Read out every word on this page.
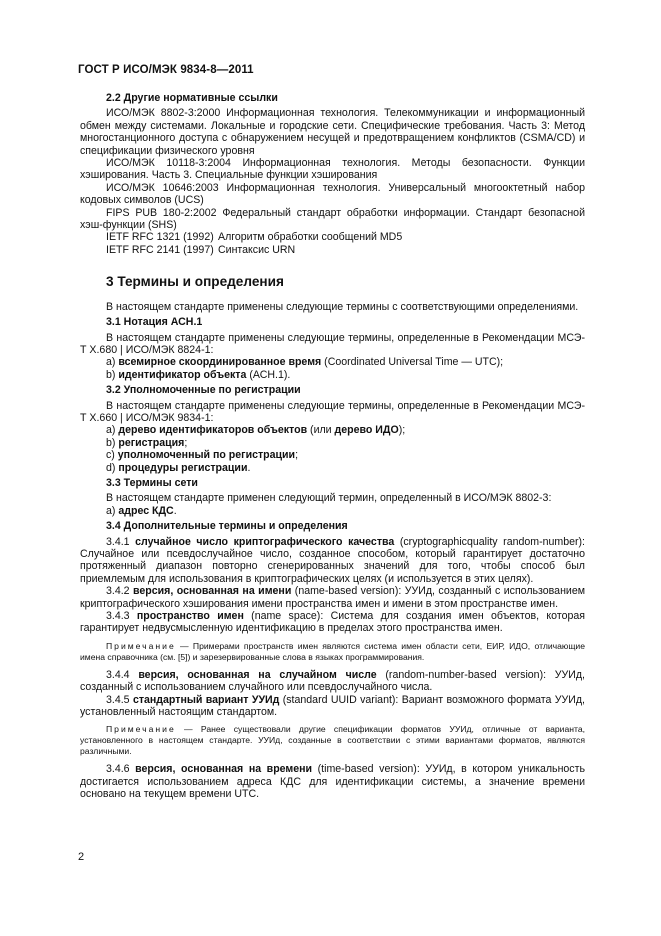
ГОСТ Р ИСО/МЭК 9834-8—2011
2.2 Другие нормативные ссылки

ИСО/МЭК 8802-3:2000 Информационная технология. Телекоммуникации и информационный обмен между системами. Локальные и городские сети. Специфические требования. Часть 3: Метод многостанционного доступа с обнаружением несущей и предотвращением конфликтов (CSMA/CD) и спецификации физического уровня

ИСО/МЭК 10118-3:2004 Информационная технология. Методы безопасности. Функции хэширования. Часть 3. Специальные функции хэширования

ИСО/МЭК 10646:2003 Информационная технология. Универсальный многооктетный набор кодовых символов (UCS)

FIPS PUB 180-2:2002 Федеральный стандарт обработки информации. Стандарт безопасной хэш-функции (SHS)

IETF RFC 1321 (1992) Алгоритм обработки сообщений MD5
IETF RFC 2141 (1997) Синтаксис URN
3 Термины и определения

В настоящем стандарте применены следующие термины с соответствующими определениями.

3.1 Нотация АСН.1

В настоящем стандарте применены следующие термины, определенные в Рекомендации МСЭ-Т Х.680 | ИСО/МЭК 8824-1:

a) всемирное скоординированное время (Coordinated Universal Time — UTC);
b) идентификатор объекта (АСН.1).
3.2 Уполномоченные по регистрации

В настоящем стандарте применены следующие термины, определенные в Рекомендации МСЭ-Т Х.660 | ИСО/МЭК 9834-1:

a) дерево идентификаторов объектов (или дерево ИДО);
b) регистрация;
c) уполномоченный по регистрации;
d) процедуры регистрации.
3.3 Термины сети

В настоящем стандарте применен следующий термин, определенный в ИСО/МЭК 8802-3:

a) адрес КДС.
3.4 Дополнительные термины и определения

3.4.1 случайное число криптографического качества (cryptographicquality random-number): Случайное или псевдослучайное число, созданное способом, который гарантирует достаточно протяженный диапазон повторно сгенерированных значений для того, чтобы способ был приемлемым для использования в криптографических целях (и используется в этих целях).

3.4.2 версия, основанная на имени (name-based version): УУИд, созданный с использованием криптографического хэширования имени пространства имен и имени в этом пространстве имен.

3.4.3 пространство имен (name space): Система для создания имен объектов, которая гарантирует недвусмысленную идентификацию в пределах этого пространства имен.

Примечание — Примерами пространств имен являются система имен области сети, ЕИР, ИДО, отличающие имена справочника (см. [5]) и зарезервированные слова в языках программирования.

3.4.4 версия, основанная на случайном числе (random-number-based version): УУИд, созданный с использованием случайного или псевдослучайного числа.

3.4.5 стандартный вариант УУИд (standard UUID variant): Вариант возможного формата УУИд, установленный настоящим стандартом.

Примечание — Ранее существовали другие спецификации форматов УУИд, отличные от варианта, установленного в настоящем стандарте. УУИд, созданные в соответствии с этими вариантами форматов, являются различными.

3.4.6 версия, основанная на времени (time-based version): УУИд, в котором уникальность достигается использованием адреса КДС для идентификации системы, а значение времени основано на текущем времени UTC.

2
